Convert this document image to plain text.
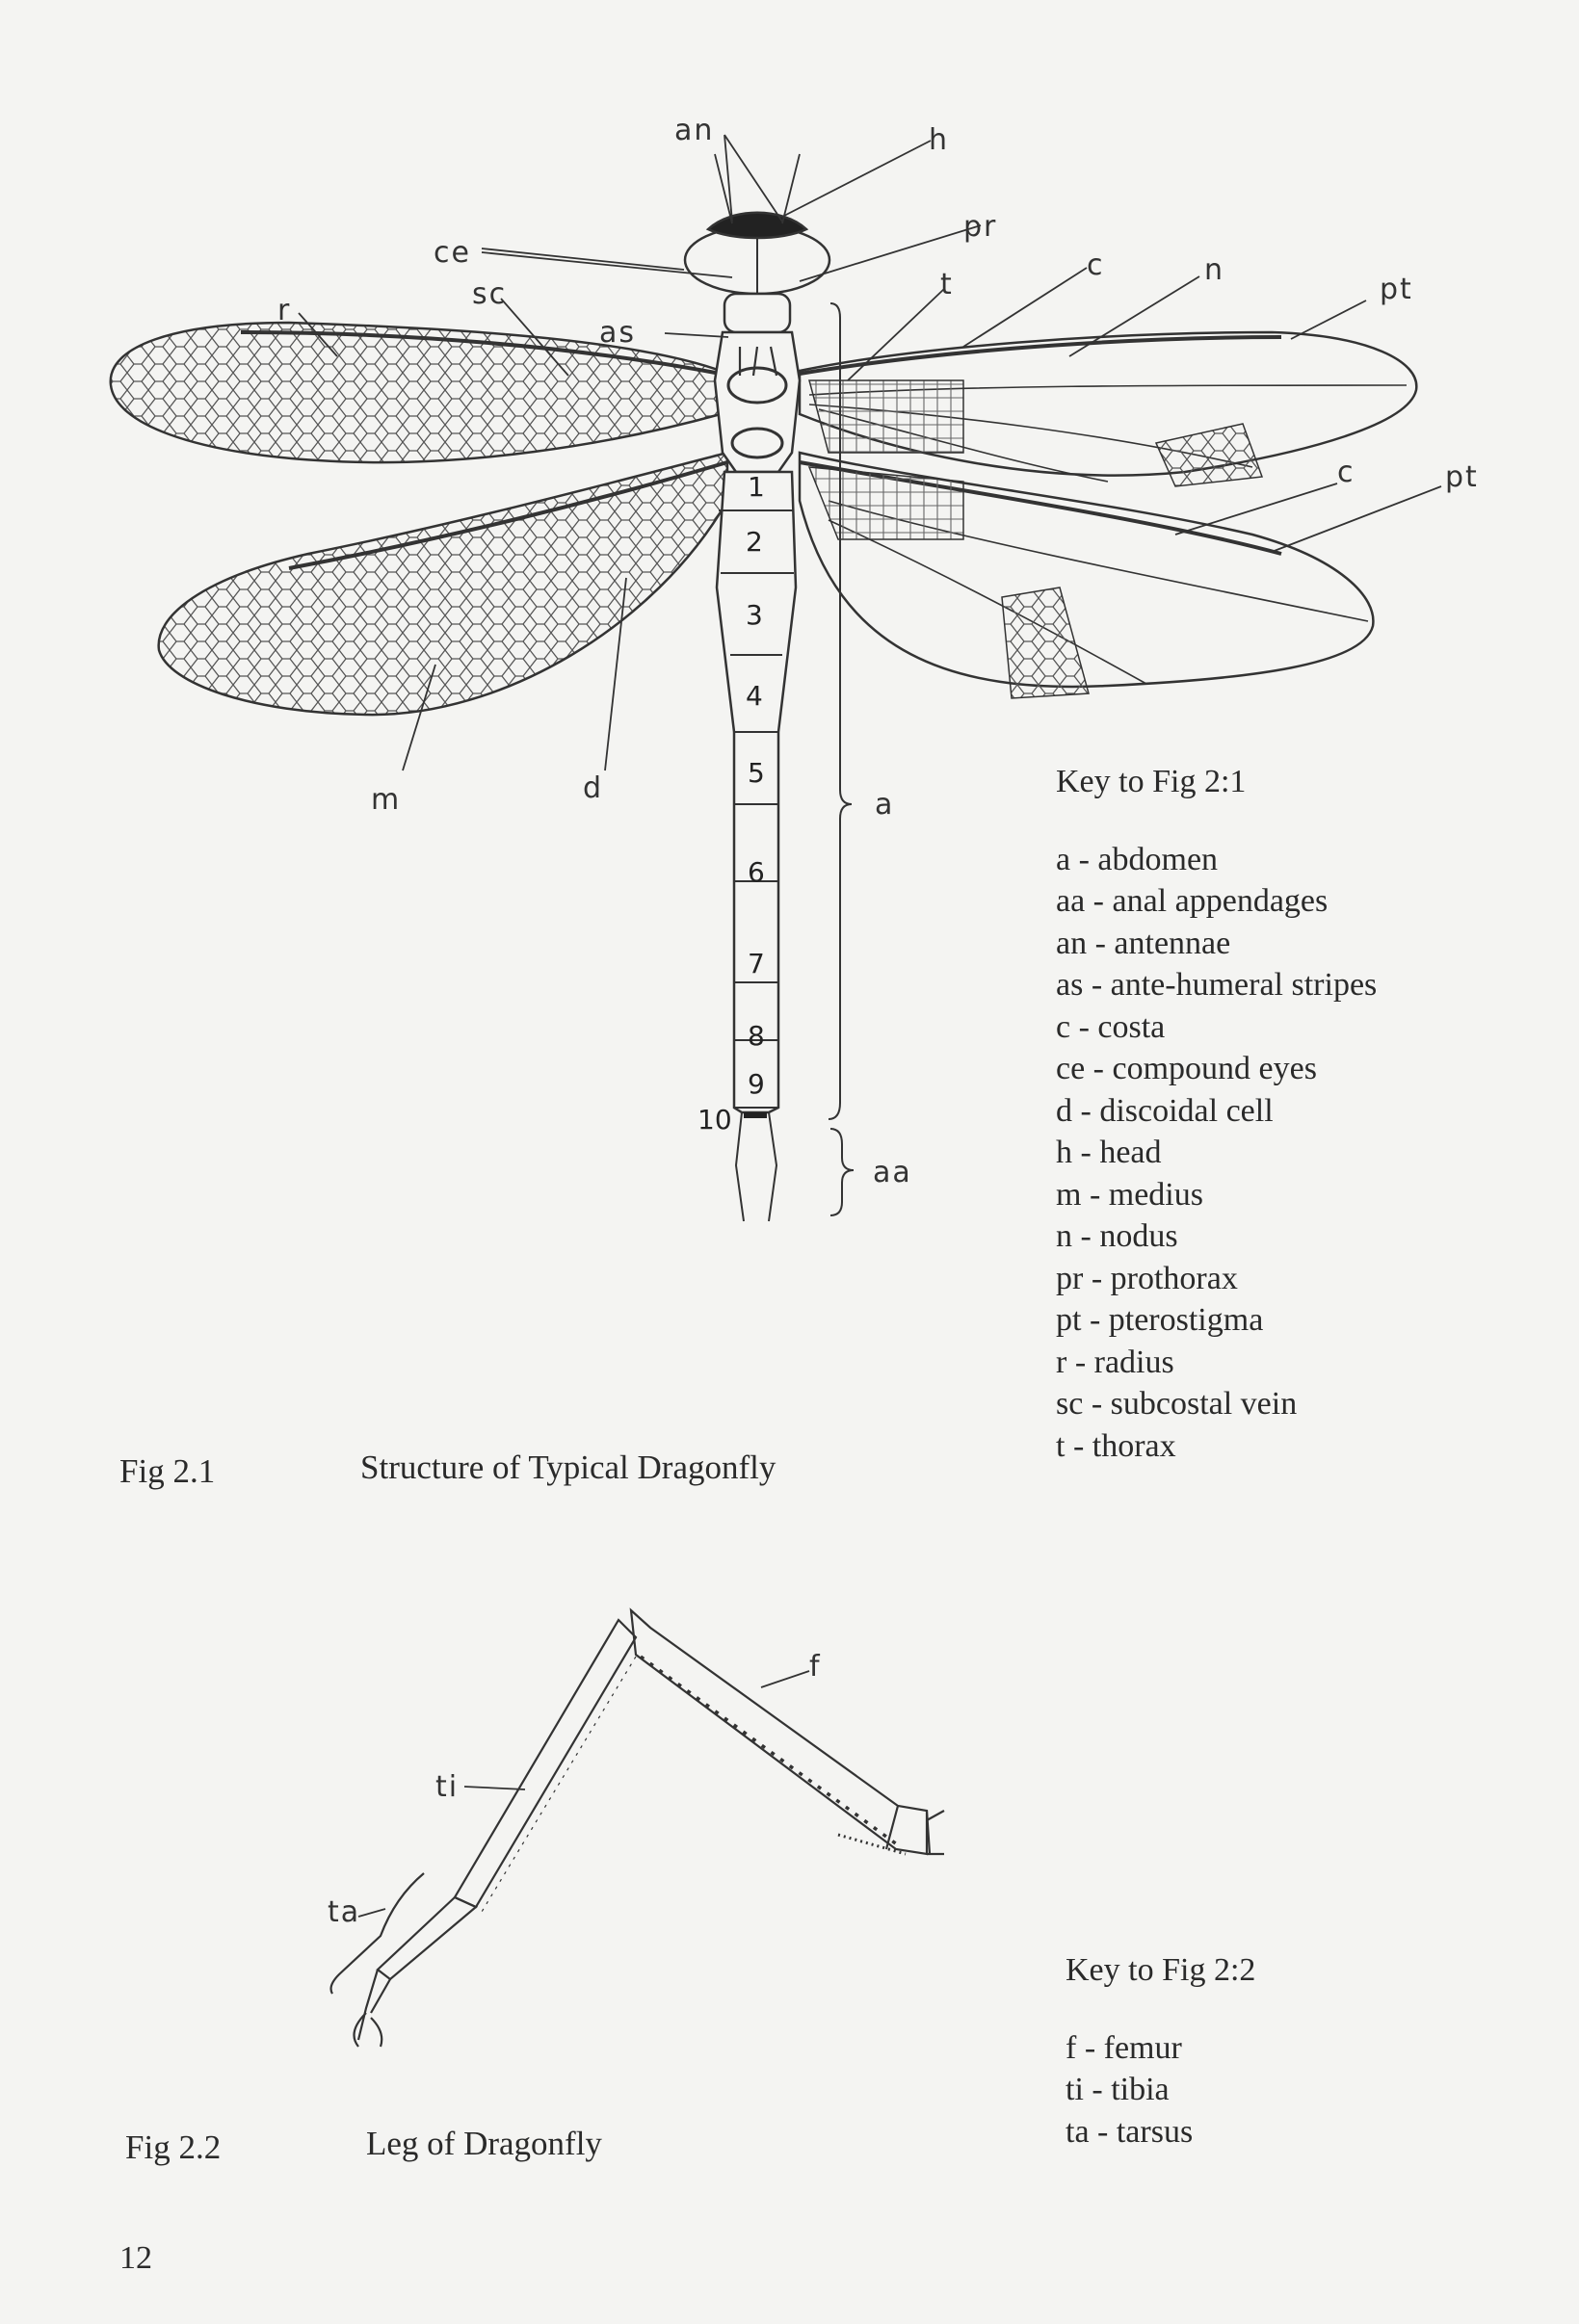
an	h
pr
ce
sc
as
r
t
c	n
pt
c	pt
m	d	a
aa
1
2
3
4
5
6
7
8
9
10
f
ti
ta
Key to Fig 2:1
a - abdomen
aa - anal appendages
an - antennae
as - ante-humeral stripes
c - costa
ce - compound eyes
d - discoidal cell
h - head
m - medius
n - nodus
pr - prothorax
pt - pterostigma
r - radius
sc - subcostal vein
t - thorax
Fig 2.1	Structure of Typical Dragonfly
Key to Fig 2:2
f - femur
ti - tibia
ta - tarsus
Fig 2.2	Leg of Dragonfly
12
